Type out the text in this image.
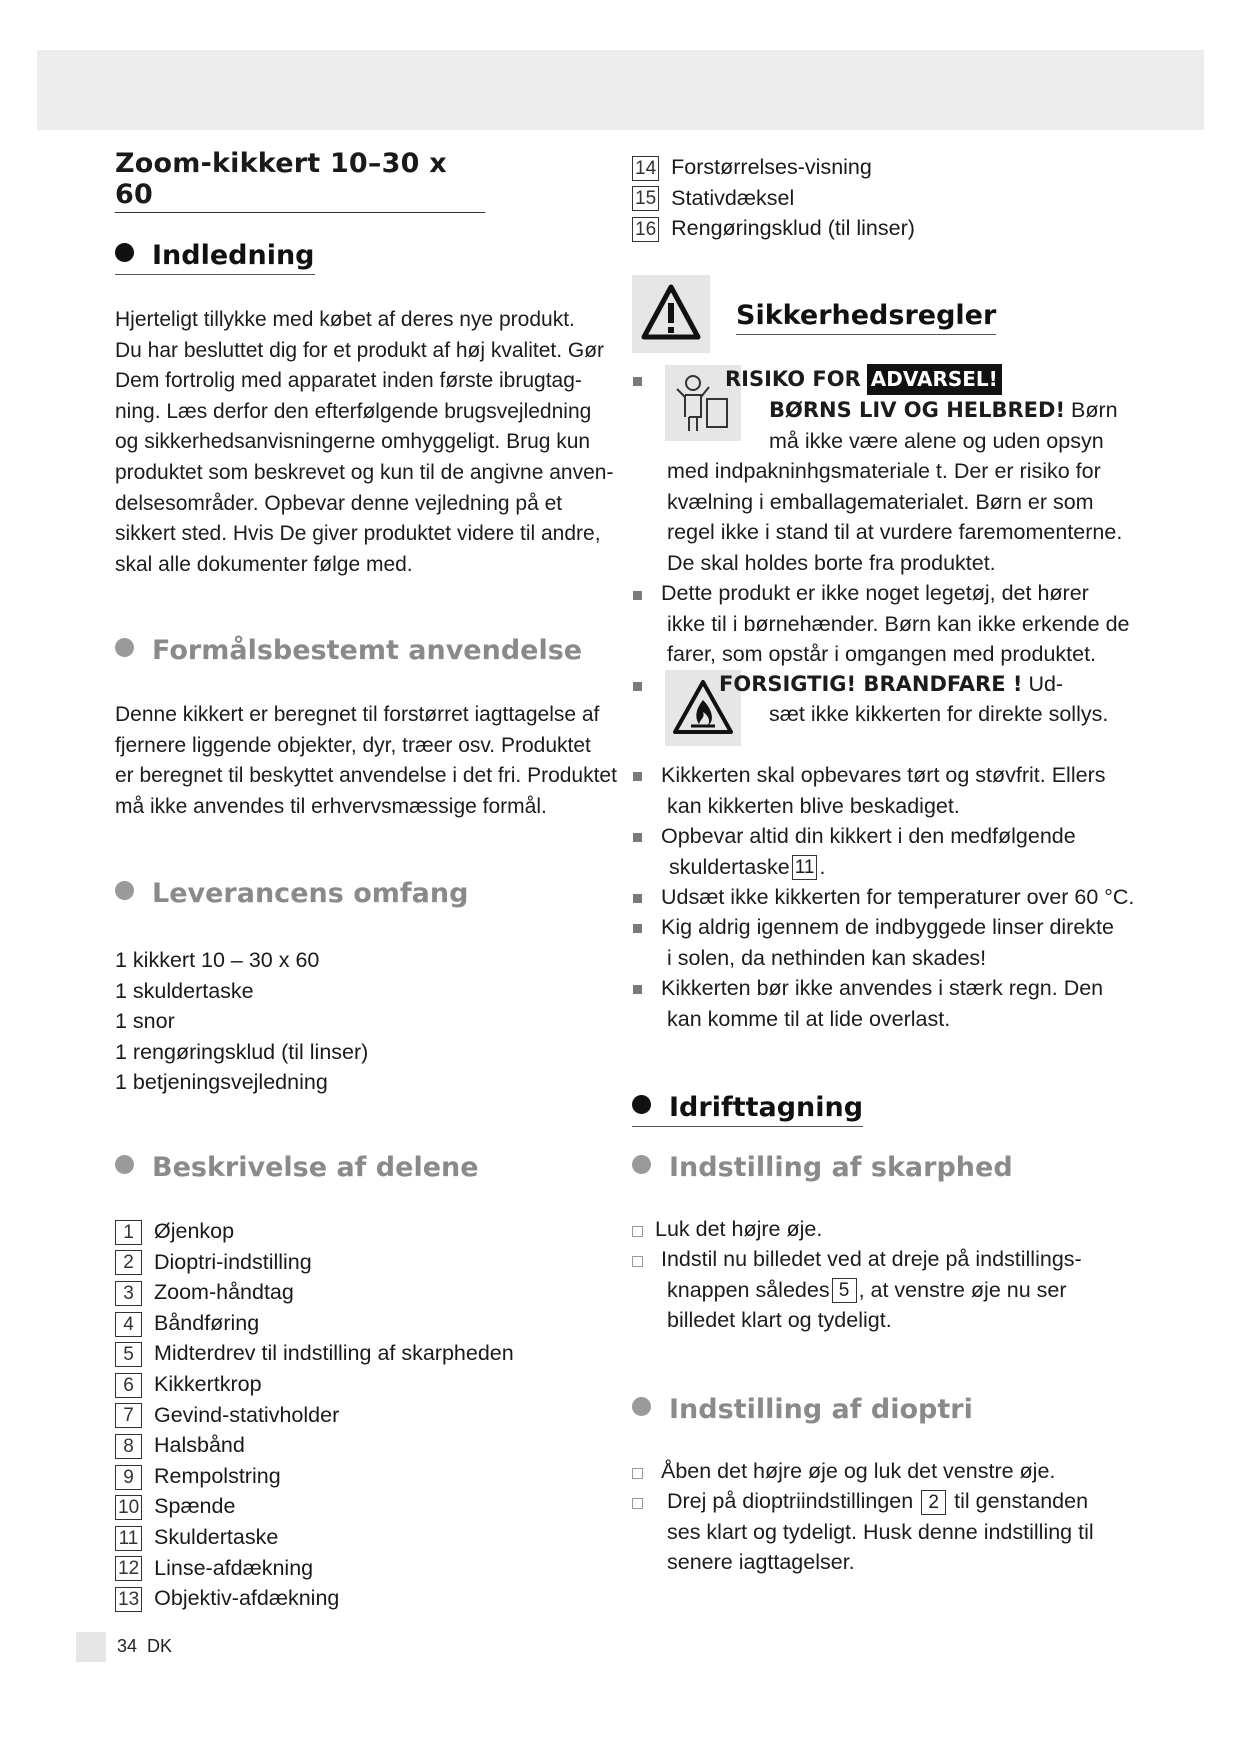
Zoom-kikkert 10–30 x 60
Indledning
Hjerteligt tillykke med købet af deres nye produkt.
Du har besluttet dig for et produkt af høj kvalitet. Gør
Dem fortrolig med apparatet inden første ibrugtag-
ning. Læs derfor den efterfølgende brugsvejledning
og sikkerhedsanvisningerne omhyggeligt. Brug kun
produktet som beskrevet og kun til de angivne anven-
delsesområder. Opbevar denne vejledning på et
sikkert sted. Hvis De giver produktet videre til andre,
skal alle dokumenter følge med.
Formålsbestemt anvendelse
Denne kikkert er beregnet til forstørret iagttagelse af
fjernere liggende objekter, dyr, træer osv. Produktet
er beregnet til beskyttet anvendelse i det fri. Produktet
må ikke anvendes til erhvervsmæssige formål.
Leverancens omfang
1 kikkert 10 – 30 x 60
1 skuldertaske
1 snor
1 rengøringsklud (til linser)
1 betjeningsvejledning
Beskrivelse af delene
1 Øjenkop
2 Dioptri-indstilling
3 Zoom-håndtag
4 Båndføring
5 Midterdrev til indstilling af skarpheden
6 Kikkertkrop
7 Gevind-stativholder
8 Halsbånd
9 Rempolstring
10 Spænde
11 Skuldertaske
12 Linse-afdækning
13 Objektiv-afdækning
14 Forstørrelses-visning
15 Stativdæksel
16 Rengøringsklud (til linser)
Sikkerhedsregler
RISIKO FOR ADVARSEL!
BØRNS LIV OG HELBRED! Børn
må ikke være alene og uden opsyn
med indpakninhgsmateriale t. Der er risiko for
kvælning i emballagematerialet. Børn er som
regel ikke i stand til at vurdere faremomenterne.
De skal holdes borte fra produktet.
Dette produkt er ikke noget legetøj, det hører
ikke til i børnehænder. Børn kan ikke erkende de
farer, som opstår i omgangen med produktet.
FORSIGTIG! BRANDFARE ! Ud-
sæt ikke kikkerten for direkte sollys.
Kikkerten skal opbevares tørt og støvfrit. Ellers
kan kikkerten blive beskadiget.
Opbevar altid din kikkert i den medfølgende
skuldertaske 11 .
Udsæt ikke kikkerten for temperaturer over 60 °C.
Kig aldrig igennem de indbyggede linser direkte
i solen, da nethinden kan skades!
Kikkerten bør ikke anvendes i stærk regn. Den
kan komme til at lide overlast.
Idrifttagning
Indstilling af skarphed
Luk det højre øje.
Indstil nu billedet ved at dreje på indstillings-
knappen således 5 , at venstre øje nu ser
billedet klart og tydeligt.
Indstilling af dioptri
Åben det højre øje og luk det venstre øje.
Drej på dioptriindstillingen 2 til genstanden
ses klart og tydeligt. Husk denne indstilling til
senere iagttagelser.
34 DK
